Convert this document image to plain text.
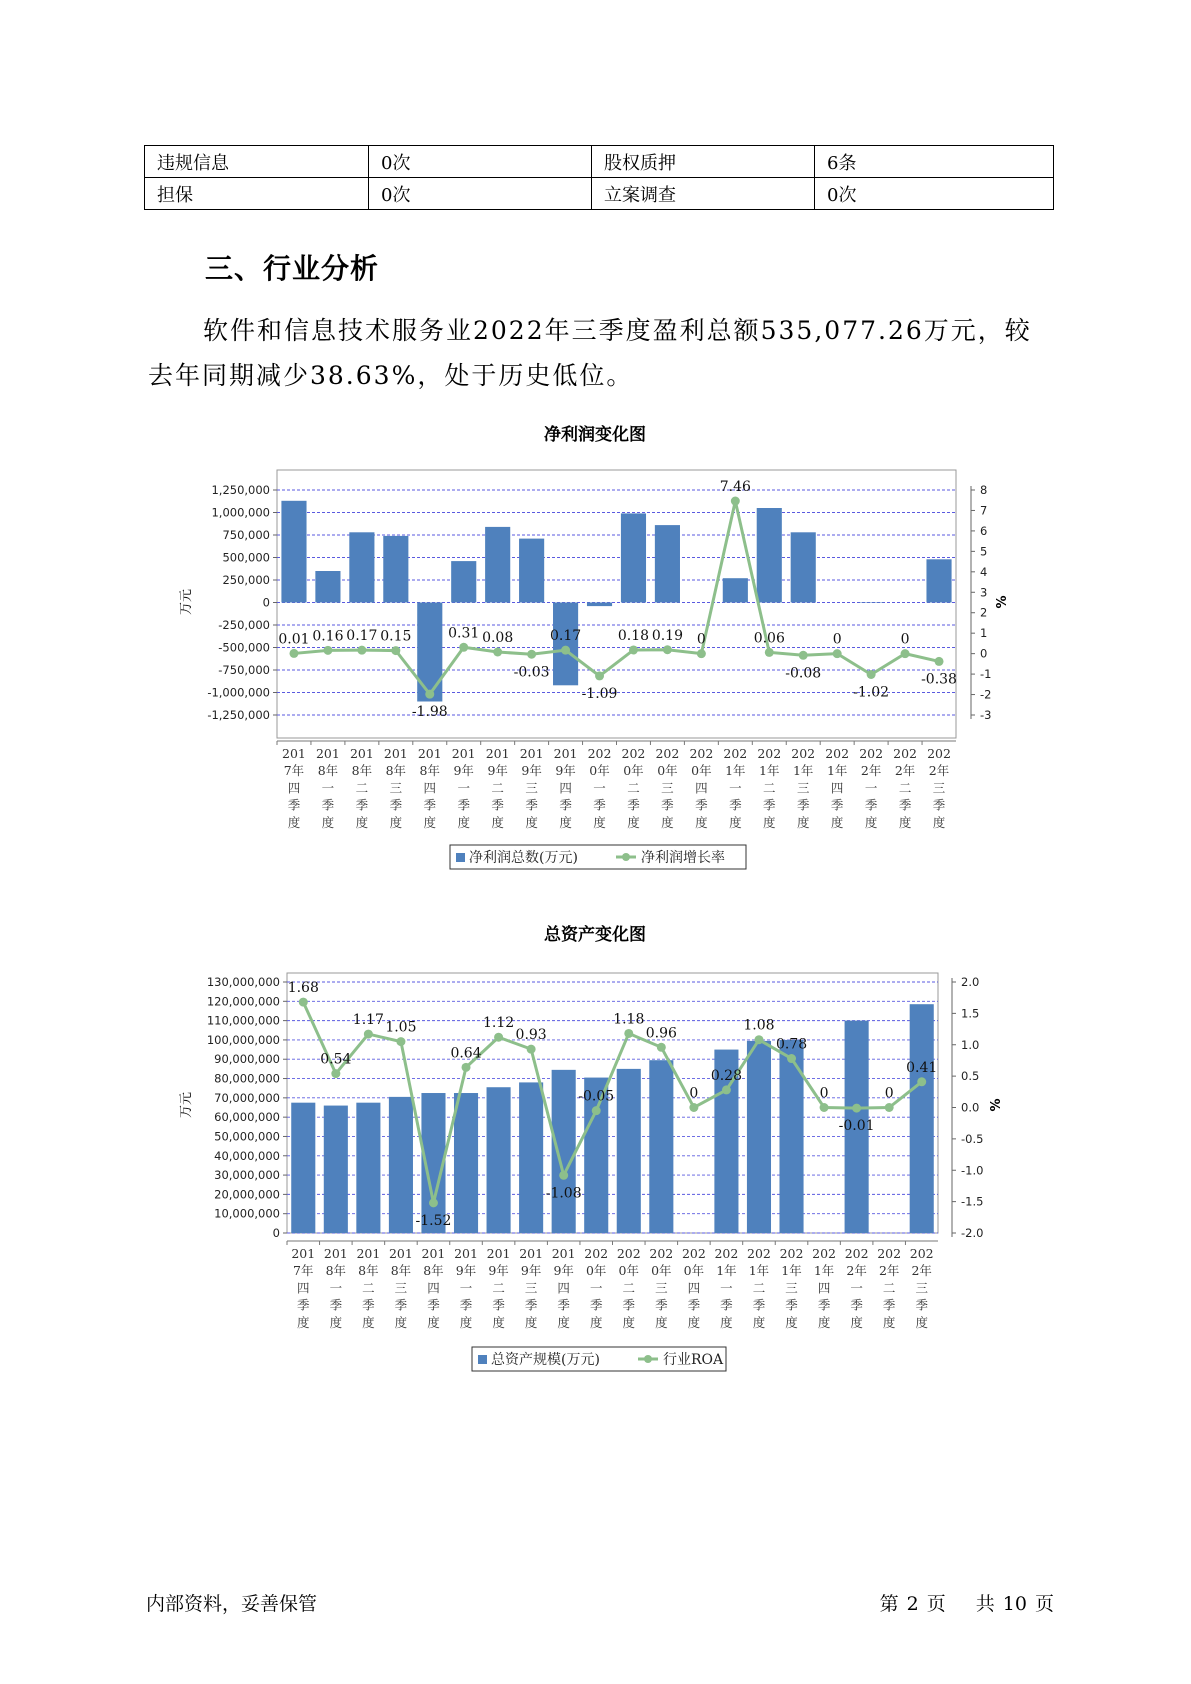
违规信息	0次	股权质押	6条
担保	0次	立案调查	0次
三、行业分析

软件和信息技术服务业2022年三季度盈利总额535,077.26万元，较去年同期减少38.63%，处于历史低位。

净利润变化图
1,250,000
1,000,000
750,000
500,000
250,000
0
-250,000
-500,000
-750,000
-1,000,000
-1,250,000
8
7
6
5
4
3
2
1
0
-1
-2
-3
万元	%
0.01 0.16 0.17 0.15
-1.98
0.31 0.08
-0.03
0.17
-1.09
0.18 0.19 0
7.46
0.06
-0.08
0
-1.02
0
-0.38
201
7年
四
季
度
201
8年
一
季
度
201
8年
二
季
度
201
8年
三
季
度
201
8年
四
季
度
201
9年
一
季
度
201
9年
二
季
度
201
9年
三
季
度
201
9年
四
季
度
202
0年
一
季
度
202
0年
二
季
度
202
0年
三
季
度
202
0年
四
季
度
202
1年
一
季
度
202
1年
二
季
度
202
1年
三
季
度
202
1年
四
季
度
202
2年
一
季
度
202
2年
二
季
度
202
2年
三
季
度
净利润总数(万元)	净利润增长率
总资产变化图
130,000,000
120,000,000
110,000,000
100,000,000
90,000,000
80,000,000
70,000,000
60,000,000
50,000,000
40,000,000
30,000,000
20,000,000
10,000,000
0
2.0
1.5
1.0
0.5
0.0
-0.5
-1.0
-1.5
-2.0
万元	%
1.68
0.54
1.17 1.05
-1.52
0.64
1.12
0.93
-1.08
-0.05
1.18
0.96
0
0.28
1.08
0.78
0
-0.01
0
0.41
201
7年
四
季
度
201
8年
一
季
度
201
8年
二
季
度
201
8年
三
季
度
201
8年
四
季
度
201
9年
一
季
度
201
9年
二
季
度
201
9年
三
季
度
201
9年
四
季
度
202
0年
一
季
度
202
0年
二
季
度
202
0年
三
季
度
202
0年
四
季
度
202
1年
一
季
度
202
1年
二
季
度
202
1年
三
季
度
202
1年
四
季
度
202
2年
一
季
度
202
2年
二
季
度
202
2年
三
季
度
总资产规模(万元)	行业ROA
内部资料，妥善保管	第 2 页 共 10 页
